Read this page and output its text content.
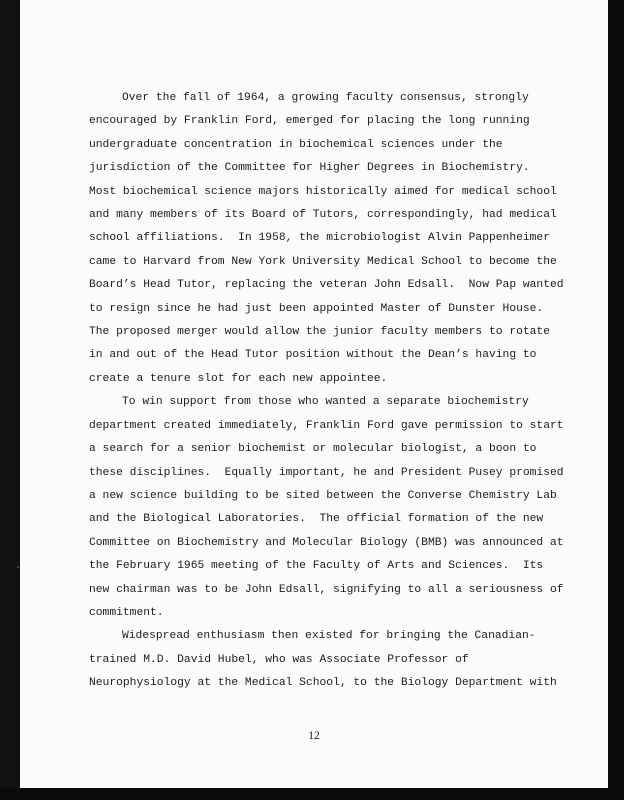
Over the fall of 1964, a growing faculty consensus, strongly
encouraged by Franklin Ford, emerged for placing the long running
undergraduate concentration in biochemical sciences under the
jurisdiction of the Committee for Higher Degrees in Biochemistry.
Most biochemical science majors historically aimed for medical school
and many members of its Board of Tutors, correspondingly, had medical
school affiliations.  In 1958, the microbiologist Alvin Pappenheimer
came to Harvard from New York University Medical School to become the
Board’s Head Tutor, replacing the veteran John Edsall.  Now Pap wanted
to resign since he had just been appointed Master of Dunster House.
The proposed merger would allow the junior faculty members to rotate
in and out of the Head Tutor position without the Dean’s having to
create a tenure slot for each new appointee.
To win support from those who wanted a separate biochemistry
department created immediately, Franklin Ford gave permission to start
a search for a senior biochemist or molecular biologist, a boon to
these disciplines.  Equally important, he and President Pusey promised
a new science building to be sited between the Converse Chemistry Lab
and the Biological Laboratories.  The official formation of the new
Committee on Biochemistry and Molecular Biology (BMB) was announced at
the February 1965 meeting of the Faculty of Arts and Sciences.  Its
new chairman was to be John Edsall, signifying to all a seriousness of
commitment.
Widespread enthusiasm then existed for bringing the Canadian-
trained M.D. David Hubel, who was Associate Professor of
Neurophysiology at the Medical School, to the Biology Department with
12
